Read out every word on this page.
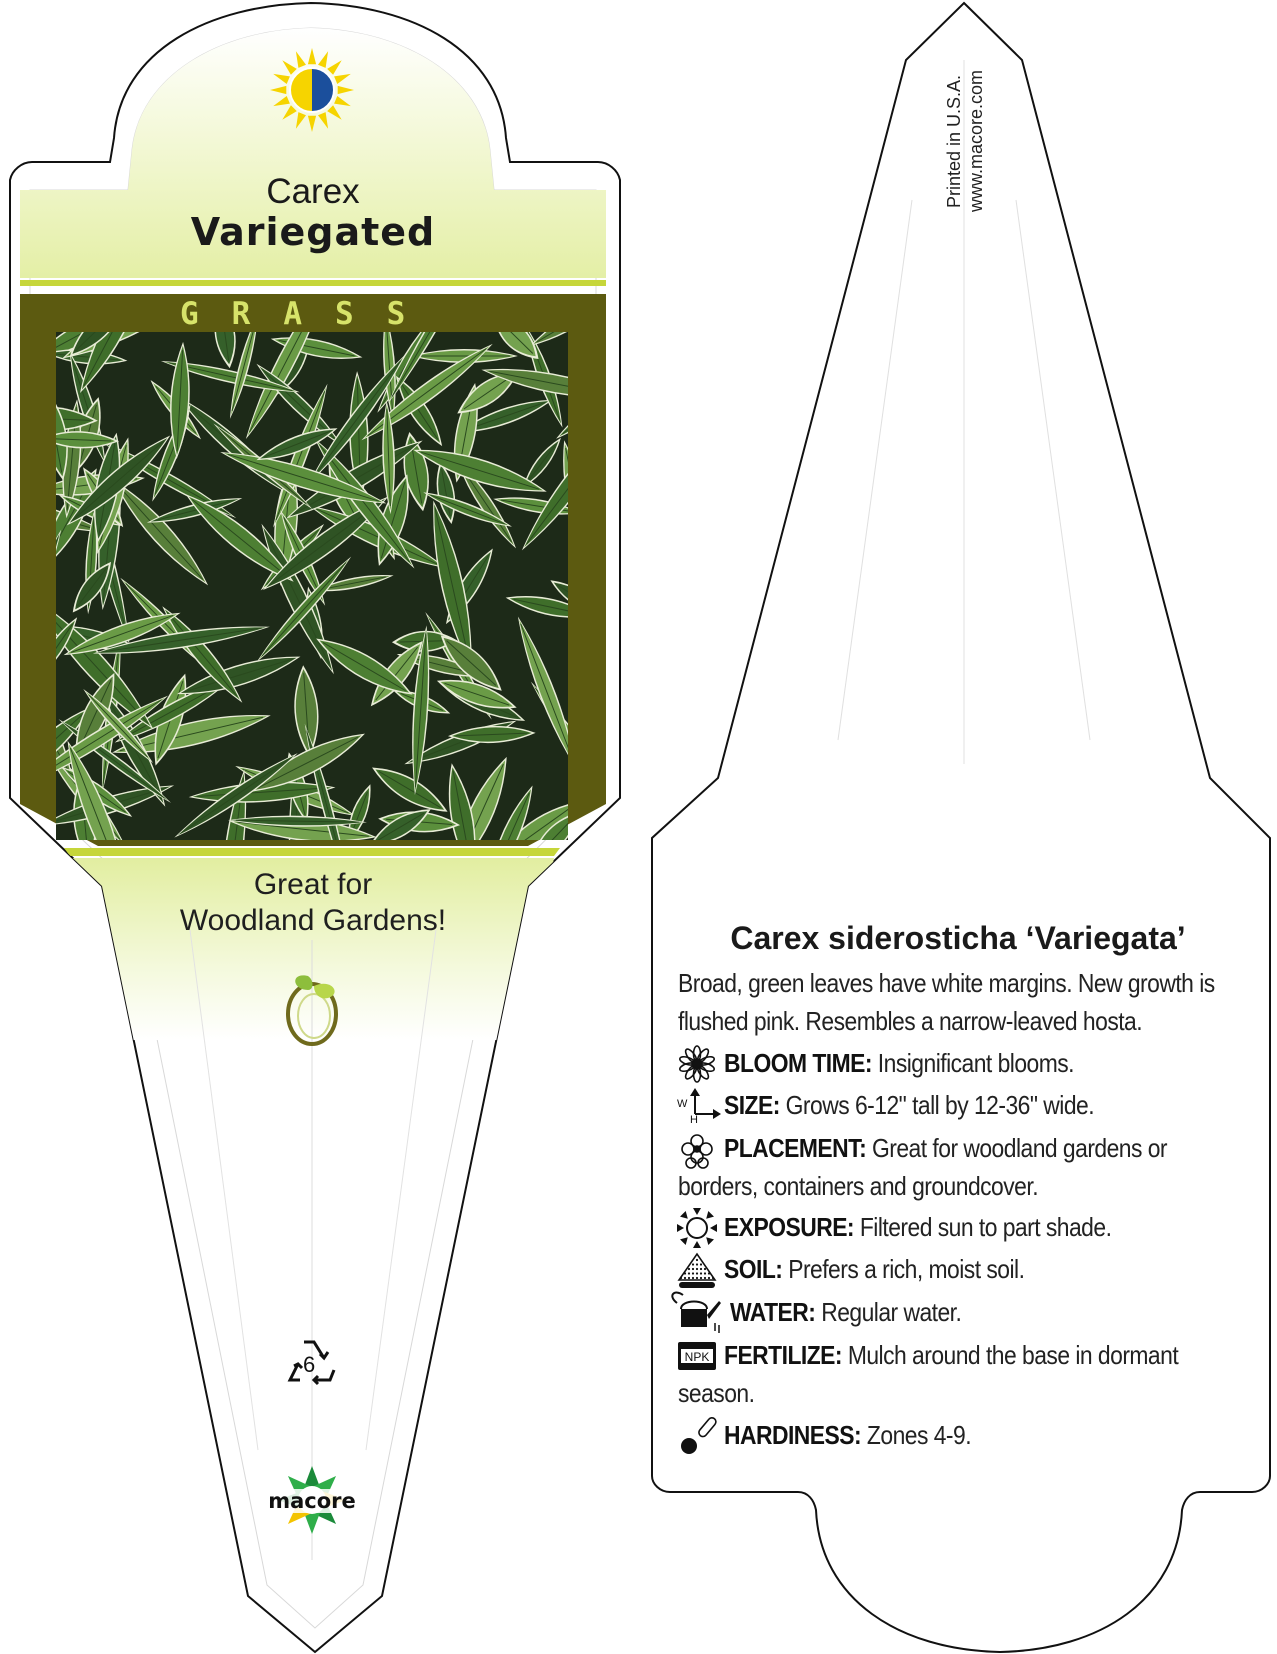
NPK
Carex
Variegated
GRASS
Great for
Woodland Gardens!
6
macore
Printed in U.S.A. www.macore.com
Carex siderosticha ‘Variegata’
Broad, green leaves have white margins. New growth is
flushed pink. Resembles a narrow-leaved hosta.
BLOOM TIME: Insignificant blooms.
SIZE: Grows 6-12" tall by 12-36" wide.
W
H
PLACEMENT: Great for woodland gardens or
borders, containers and groundcover.
EXPOSURE: Filtered sun to part shade.
SOIL: Prefers a rich, moist soil.
WATER: Regular water.
FERTILIZE: Mulch around the base in dormant
season.
HARDINESS: Zones 4-9.
